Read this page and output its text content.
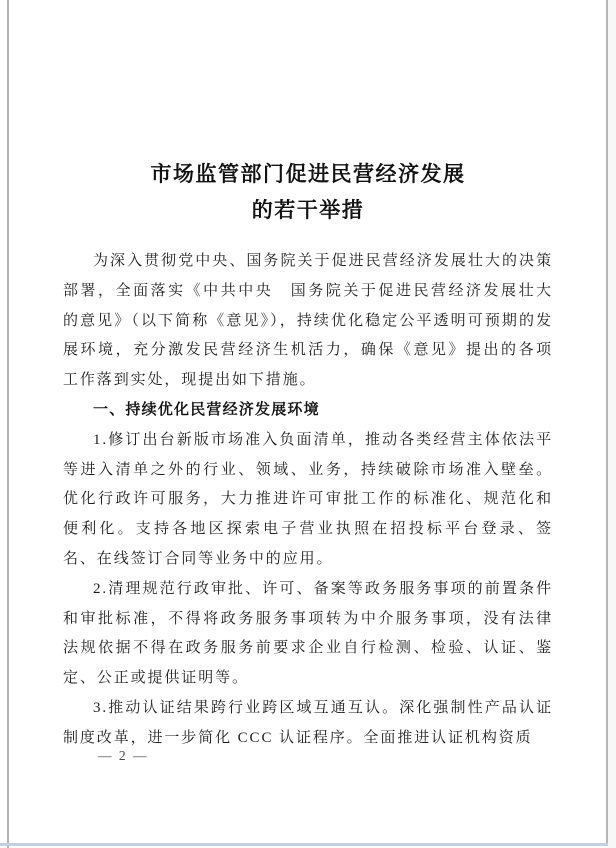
市场监管部门促进民营经济发展
的若干举措

为深入贯彻党中央、国务院关于促进民营经济发展壮大的决策部署，全面落实《中共中央　国务院关于促进民营经济发展壮大的意见》（以下简称《意见》），持续优化稳定公平透明可预期的发展环境，充分激发民营经济生机活力，确保《意见》提出的各项工作落到实处，现提出如下措施。

一、持续优化民营经济发展环境

1.修订出台新版市场准入负面清单，推动各类经营主体依法平等进入清单之外的行业、领域、业务，持续破除市场准入壁垒。优化行政许可服务，大力推进许可审批工作的标准化、规范化和便利化。支持各地区探索电子营业执照在招投标平台登录、签名、在线签订合同等业务中的应用。

2.清理规范行政审批、许可、备案等政务服务事项的前置条件和审批标准，不得将政务服务事项转为中介服务事项，没有法律法规依据不得在政务服务前要求企业自行检测、检验、认证、鉴定、公正或提供证明等。

3.推动认证结果跨行业跨区域互通互认。深化强制性产品认证制度改革，进一步简化 CCC 认证程序。全面推进认证机构资质

— 2 —
